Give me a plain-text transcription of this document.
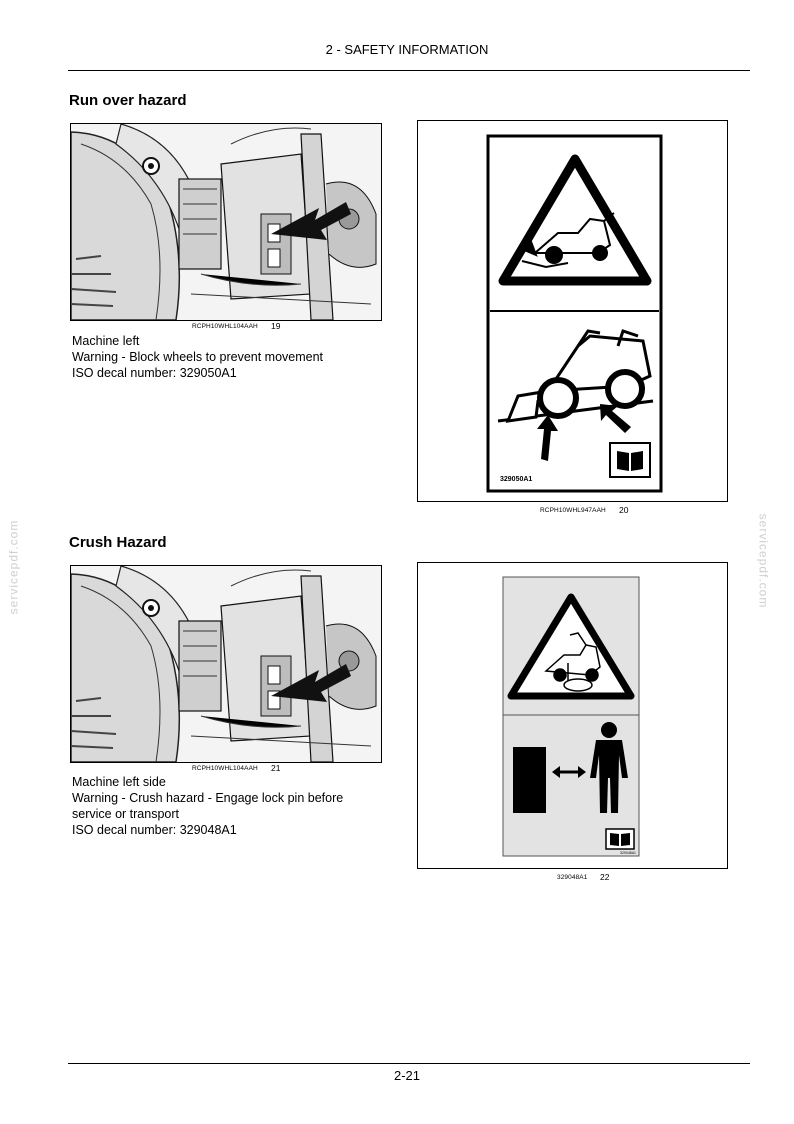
2 - SAFETY INFORMATION
servicepdf.com	servicepdf.com
Run over hazard
RCPH10WHL104AAH 19
Machine left
Warning - Block wheels to prevent movement
ISO decal number: 329050A1
329050A1
RCPH10WHL947AAH 20
Crush Hazard
RCPH10WHL104AAH 21
Machine left side
Warning - Crush hazard - Engage lock pin before
service or transport
ISO decal number: 329048A1
329048A1
329048A1 22
2-21
